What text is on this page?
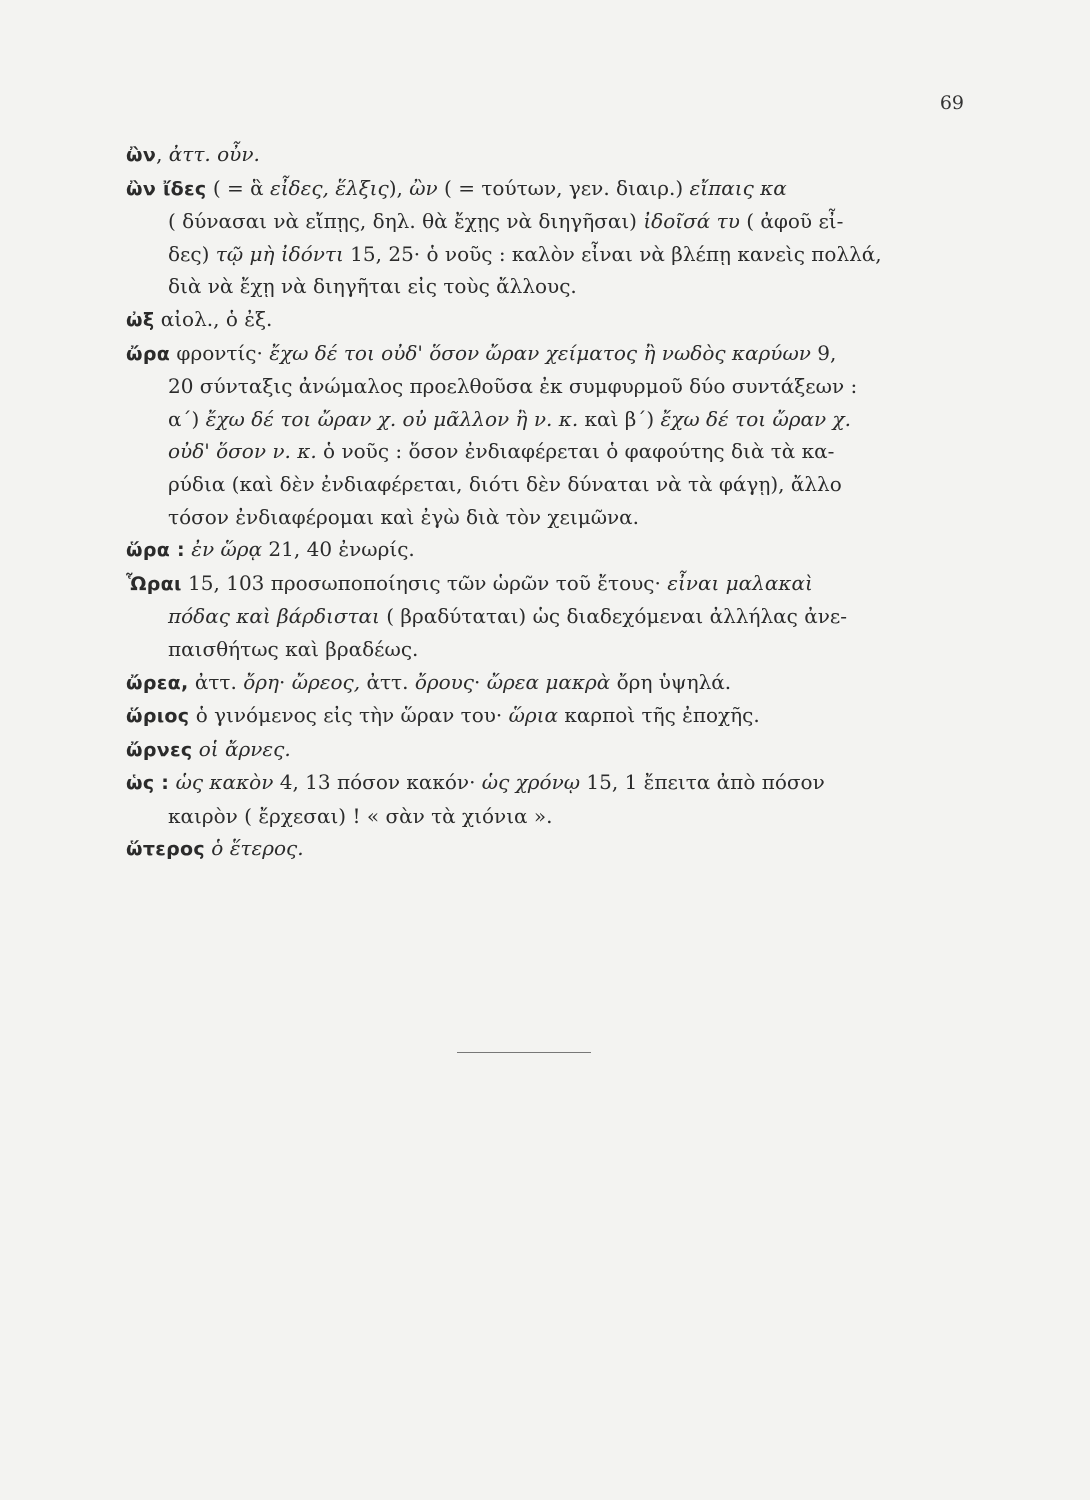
69
ὢν, ἀττ. οὖν.
ὢν ἴδες ( = ἃ εἶδες, ἕλξις), ὢν ( = τούτων, γεν. διαιρ.) εἴπαις κα
( δύνασαι νὰ εἴπῃς, δηλ. θὰ ἔχῃς νὰ διηγῆσαι) ἰδοῖσά τυ ( ἀφοῦ εἶ-
δες) τῷ μὴ ἰδόντι 15, 25· ὁ νοῦς : καλὸν εἶναι νὰ βλέπῃ κανεὶς πολλά,
διὰ νὰ ἔχῃ νὰ διηγῆται εἰς τοὺς ἄλλους.
ὠξ αἰολ., ὁ ἐξ.
ὤρα φροντίς· ἔχω δέ τοι οὐδ' ὅσον ὤραν χείματος ἢ νωδὸς καρύων 9,
20 σύνταξις ἀνώμαλος προελθοῦσα ἐκ συμφυρμοῦ δύο συντάξεων :
α΄) ἔχω δέ τοι ὤραν χ. οὐ μᾶλλον ἢ ν. κ. καὶ β΄) ἔχω δέ τοι ὤραν χ.
οὐδ' ὅσον ν. κ. ὁ νοῦς : ὅσον ἐνδιαφέρεται ὁ φαφούτης διὰ τὰ κα-
ρύδια (καὶ δὲν ἐνδιαφέρεται, διότι δὲν δύναται νὰ τὰ φάγῃ), ἄλλο
τόσον ἐνδιαφέρομαι καὶ ἐγὼ διὰ τὸν χειμῶνα.
ὥρα : ἐν ὥρᾳ 21, 40 ἐνωρίς.
Ὧραι 15, 103 προσωποποίησις τῶν ὡρῶν τοῦ ἔτους· εἶναι μαλακαὶ
πόδας καὶ βάρδισται ( βραδύταται) ὡς διαδεχόμεναι ἀλλήλας ἀνε-
παισθήτως καὶ βραδέως.
ὤρεα, ἀττ. ὄρη· ὤρεος, ἀττ. ὄρους· ὤρεα μακρὰ ὄρη ὑψηλά.
ὥριος ὁ γινόμενος εἰς τὴν ὥραν του· ὥρια καρποὶ τῆς ἐποχῆς.
ὤρνες οἱ ἄρνες.
ὡς : ὡς κακὸν 4, 13 πόσον κακόν· ὡς χρόνῳ 15, 1 ἔπειτα ἀπὸ πόσον
καιρὸν ( ἔρχεσαι) ! « σὰν τὰ χιόνια ».
ὥτερος ὁ ἕτερος.
